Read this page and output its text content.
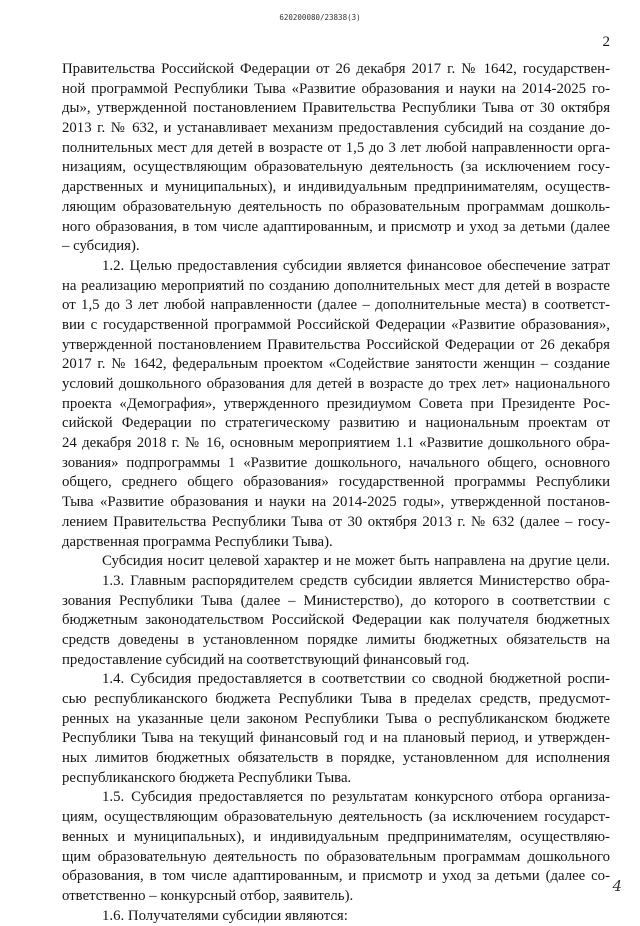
620200080/23838(3)
2
Правительства Российской Федерации от 26 декабря 2017 г. № 1642, государствен-
ной программой Республики Тыва «Развитие образования и науки на 2014-2025 го-
ды», утвержденной постановлением Правительства Республики Тыва от 30 октября
2013 г. № 632, и устанавливает механизм предоставления субсидий на создание до-
полнительных мест для детей в возрасте от 1,5 до 3 лет любой направленности орга-
низациям, осуществляющим образовательную деятельность (за исключением госу-
дарственных и муниципальных), и индивидуальным предпринимателям, осуществ-
ляющим образовательную деятельность по образовательным программам дошколь-
ного образования, в том числе адаптированным, и присмотр и уход за детьми (далее
– субсидия).
1.2. Целью предоставления субсидии является финансовое обеспечение затрат
на реализацию мероприятий по созданию дополнительных мест для детей в возрасте
от 1,5 до 3 лет любой направленности (далее – дополнительные места) в соответст-
вии с государственной программой Российской Федерации «Развитие образования»,
утвержденной постановлением Правительства Российской Федерации от 26 декабря
2017 г. № 1642, федеральным проектом «Содействие занятости женщин – создание
условий дошкольного образования для детей в возрасте до трех лет» национального
проекта «Демография», утвержденного президиумом Совета при Президенте Рос-
сийской Федерации по стратегическому развитию и национальным проектам от
24 декабря 2018 г. № 16, основным мероприятием 1.1 «Развитие дошкольного обра-
зования» подпрограммы 1 «Развитие дошкольного, начального общего, основного
общего, среднего общего образования» государственной программы Республики
Тыва «Развитие образования и науки на 2014-2025 годы», утвержденной постанов-
лением Правительства Республики Тыва от 30 октября 2013 г. № 632 (далее – госу-
дарственная программа Республики Тыва).
Субсидия носит целевой характер и не может быть направлена на другие цели.
1.3. Главным распорядителем средств субсидии является Министерство обра-
зования Республики Тыва (далее – Министерство), до которого в соответствии с
бюджетным законодательством Российской Федерации как получателя бюджетных
средств доведены в установленном порядке лимиты бюджетных обязательств на
предоставление субсидий на соответствующий финансовый год.
1.4. Субсидия предоставляется в соответствии со сводной бюджетной роспи-
сью республиканского бюджета Республики Тыва в пределах средств, предусмот-
ренных на указанные цели законом Республики Тыва о республиканском бюджете
Республики Тыва на текущий финансовый год и на плановый период, и утвержден-
ных лимитов бюджетных обязательств в порядке, установленном для исполнения
республиканского бюджета Республики Тыва.
1.5. Субсидия предоставляется по результатам конкурсного отбора организа-
циям, осуществляющим образовательную деятельность (за исключением государст-
венных и муниципальных), и индивидуальным предпринимателям, осуществляю-
щим образовательную деятельность по образовательным программам дошкольного
образования, в том числе адаптированным, и присмотр и уход за детьми (далее со-
ответственно – конкурсный отбор, заявитель).
1.6. Получателями субсидии являются:
4
